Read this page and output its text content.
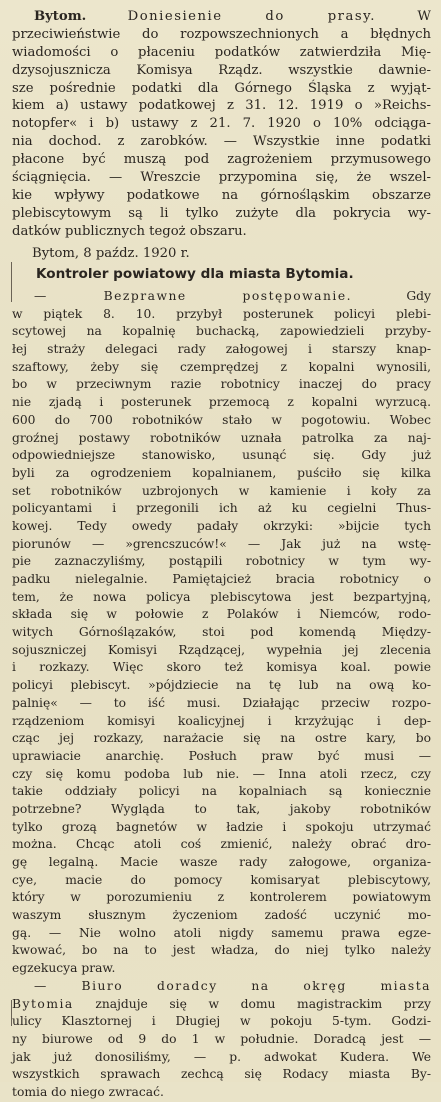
Bytom.	Doniesienie do prasy.	W
przeciwieństwie do rozpowszechnionych a błędnych
wiadomości o płaceniu podatków zatwierdziła Mię-
dzysojusznicza Komisya Rządz. wszystkie dawnie-
sze pośrednie podatki dla Górnego Śląska z wyjąt-
kiem a) ustawy podatkowej z 31. 12. 1919 o »Reichs-
notopfer« i b) ustawy z 21. 7. 1920 o 10% odciąga-
nia dochod. z zarobków. — Wszystkie inne podatki
płacone być muszą pod zagrożeniem przymusowego
ściągnięcia. — Wreszcie przypomina się, że wszel-
kie wpływy podatkowe na górnośląskim obszarze
plebiscytowym są li tylko zużyte dla pokrycia wy-
datków publicznych tegoż obszaru.
Bytom, 8 paźdz. 1920 r.
Kontroler powiatowy dla miasta Bytomia.
— Bezprawne postępowanie.	Gdy
w piątek 8. 10. przybył posterunek policyi plebi-
scytowej na kopalnię buchacką, zapowiedzieli przyby-
łej straży delegaci rady załogowej i starszy knap-
szaftowy, żeby się czemprędzej z kopalni wynosili,
bo w przeciwnym razie robotnicy inaczej do pracy
nie zjadą i posterunek przemocą z kopalni wyrzucą.
600 do 700 robotników stało w pogotowiu. Wobec
groźnej postawy robotników uznała patrolka za naj-
odpowiedniejsze stanowisko, usunąć się. Gdy już
byli za ogrodzeniem kopalnianem, puściło się kilka
set robotników uzbrojonych w kamienie i koły za
policyantami i przegonili ich aż ku cegielni Thus-
kowej. Tedy owedy padały okrzyki: »bijcie tych
piorunów — »grencszuców!« — Jak już na wstę-
pie zaznaczyliśmy, postąpili robotnicy w tym wy-
padku nielegalnie. Pamiętajcież bracia robotnicy o
tem, że nowa policya plebiscytowa jest bezpartyjną,
składa się w połowie z Polaków i Niemców, rodo-
witych Górnoślązaków, stoi pod komendą Między-
sojuszniczej Komisyi Rządzącej, wypełnia jej zlecenia
i rozkazy. Więc skoro też komisya koal. powie
policyi plebiscyt. »pójdziecie na tę lub na ową ko-
palnię« — to iść musi. Działając przeciw rozpo-
rządzeniom komisyi koalicyjnej i krzyżując i dep-
cząc jej rozkazy, narażacie się na ostre kary, bo
uprawiacie anarchię. Posłuch praw być musi —
czy się komu podoba lub nie. — Inna atoli rzecz, czy
takie oddziały policyi na kopalniach są koniecznie
potrzebne? Wygląda to tak, jakoby robotników
tylko grozą bagnetów w ładzie i spokoju utrzymać
można. Chcąc atoli coś zmienić, należy obrać dro-
gę legalną. Macie wasze rady załogowe, organiza-
cye, macie do pomocy komisaryat plebiscytowy,
który w porozumieniu z kontrolerem powiatowym
waszym słusznym życzeniom zadość uczynić mo-
gą. — Nie wolno atoli nigdy samemu prawa egze-
kwować, bo na to jest władza, do niej tylko należy
egzekucya praw.
— Biuro doradcy na okręg miasta
Bytomia znajduje się w domu magistrackim przy
ulicy Klasztornej i Długiej w pokoju 5-tym. Godzi-
ny biurowe od 9 do 1 w południe. Doradcą jest —
jak już donosiliśmy, — p. adwokat Kudera. We
wszystkich sprawach zechcą się Rodacy miasta By-
tomia do niego zwracać.
